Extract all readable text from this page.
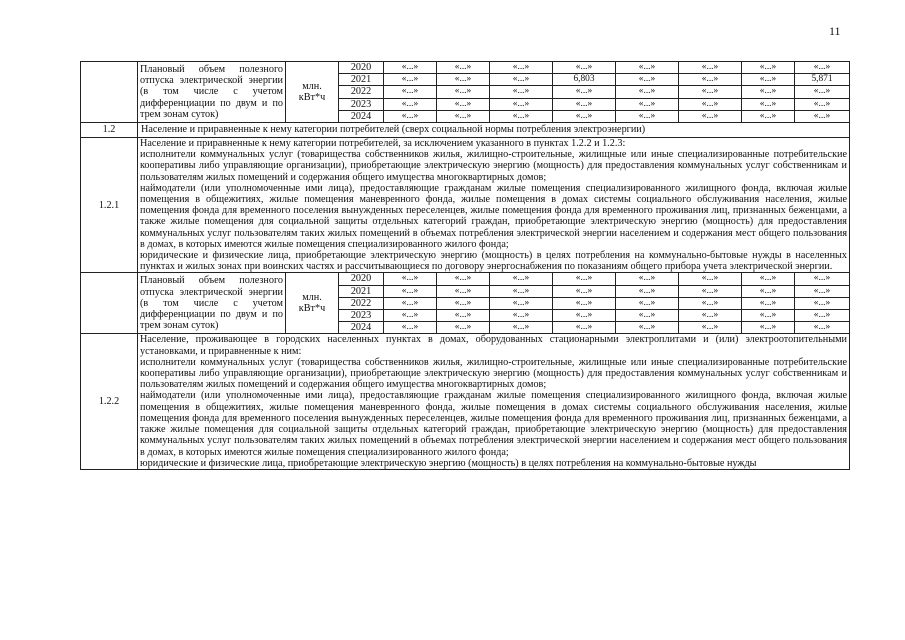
11
	Плановый объем полезного отпуска электрической энергии (в том числе с учетом дифференциации по двум и по трем зонам суток)	млн. кВт*ч	2020	«...»	«...»	«...»	«...»	«...»	«...»	«...»	«...»
			2021	«...»	«...»	«...»	6,803	«...»	«...»	«...»	5,871
			2022	«...»	«...»	«...»	«...»	«...»	«...»	«...»	«...»
			2023	«...»	«...»	«...»	«...»	«...»	«...»	«...»	«...»
			2024	«...»	«...»	«...»	«...»	«...»	«...»	«...»	«...»
1.2	Население и приравненные к нему категории потребителей (сверх социальной нормы потребления электроэнергии)										
1.2.1	Население и приравненные к нему категории потребителей, за исключением указанного в пунктах 1.2.2 и 1.2.3:

исполнители коммунальных услуг (товарищества собственников жилья, жилищно-строительные, жилищные или иные специализированные потребительские кооперативы либо управляющие организации), приобретающие электрическую энергию (мощность) для предоставления коммунальных услуг собственникам и пользователям жилых помещений и содержания общего имущества многоквартирных домов;

наймодатели (или уполномоченные ими лица), предоставляющие гражданам жилые помещения специализированного жилищного фонда, включая жилые помещения в общежитиях, жилые помещения маневренного фонда, жилые помещения в домах системы социального обслуживания населения, жилые помещения фонда для временного поселения вынужденных переселенцев, жилые помещения фонда для временного проживания лиц, признанных беженцами, а также жилые помещения для социальной защиты отдельных категорий граждан, приобретающие электрическую энергию (мощность) для предоставления коммунальных услуг пользователям таких жилых помещений в объемах потребления электрической энергии населением и содержания мест общего пользования в домах, в которых имеются жилые помещения специализированного жилого фонда;

юридические и физические лица, приобретающие электрическую энергию (мощность) в целях потребления на коммунально-бытовые нужды в населенных пунктах и жилых зонах при воинских частях и рассчитывающиеся по договору энергоснабжения по показаниям общего прибора учета электрической энергии.										

	Плановый объем полезного отпуска электрической энергии (в том числе с учетом дифференциации по двум и по трем зонам суток)	млн. кВт*ч	2020	«...»	«...»	«...»	«...»	«...»	«...»	«...»	«...»
			2021	«...»	«...»	«...»	«...»	«...»	«...»	«...»	«...»
			2022	«...»	«...»	«...»	«...»	«...»	«...»	«...»	«...»
			2023	«...»	«...»	«...»	«...»	«...»	«...»	«...»	«...»
			2024	«...»	«...»	«...»	«...»	«...»	«...»	«...»	«...»
1.2.2	Население, проживающее в городских населенных пунктах в домах, оборудованных стационарными электроплитами и (или) электроотопительными установками, и приравненные к ним:

исполнители коммунальных услуг (товарищества собственников жилья, жилищно-строительные, жилищные или иные специализированные потребительские кооперативы либо управляющие организации), приобретающие электрическую энергию (мощность) для предоставления коммунальных услуг собственникам и пользователям жилых помещений и содержания общего имущества многоквартирных домов;

наймодатели (или уполномоченные ими лица), предоставляющие гражданам жилые помещения специализированного жилищного фонда, включая жилые помещения в общежитиях, жилые помещения маневренного фонда, жилые помещения в домах системы социального обслуживания населения, жилые помещения фонда для временного поселения вынужденных переселенцев, жилые помещения фонда для временного проживания лиц, признанных беженцами, а также жилые помещения для социальной защиты отдельных категорий граждан, приобретающие электрическую энергию (мощность) для предоставления коммунальных услуг пользователям таких жилых помещений в объемах потребления электрической энергии населением и содержания мест общего пользования в домах, в которых имеются жилые помещения специализированного жилого фонда;

юридические и физические лица, приобретающие электрическую энергию (мощность) в целях потребления на коммунально-бытовые нужды										
